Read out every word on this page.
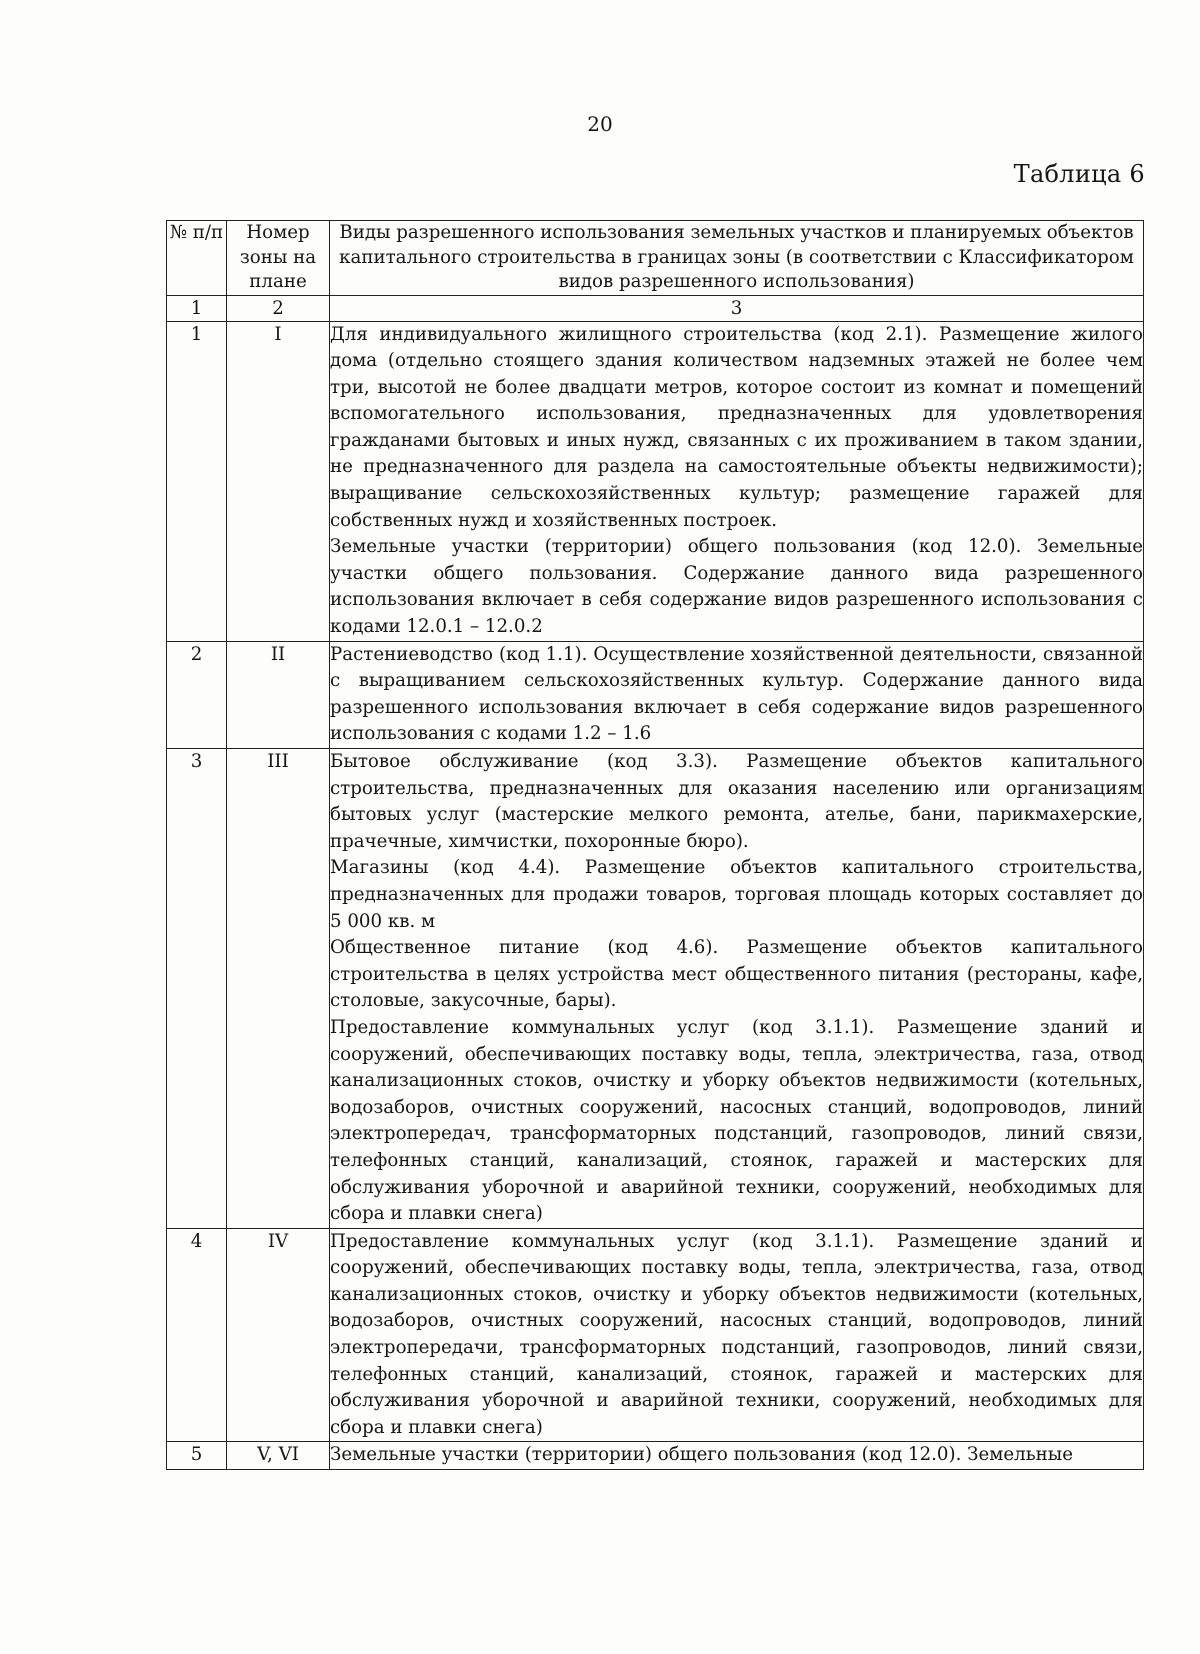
20
Таблица 6
№ п/п	Номер зоны на плане	Виды разрешенного использования земельных участков и планируемых объектов капитального строительства в границах зоны (в соответствии с Классификатором видов разрешенного использования)
1	2	3
1	I	Для индивидуального жилищного строительства (код 2.1). Размещение жилого дома (отдельно стоящего здания количеством надземных этажей не более чем три, высотой не более двадцати метров, которое состоит из комнат и помещений вспомогательного использования, предназначенных для удовлетворения гражданами бытовых и иных нужд, связанных с их проживанием в таком здании, не предназначенного для раздела на самостоятельные объекты недвижимости); выращивание сельскохозяйственных культур; размещение гаражей для собственных нужд и хозяйственных построек.
Земельные участки (территории) общего пользования (код 12.0). Земельные участки общего пользования. Содержание данного вида разрешенного использования включает в себя содержание видов разрешенного использования с кодами 12.0.1 – 12.0.2

2	II	Растениеводство (код 1.1). Осуществление хозяйственной деятельности, связанной с выращиванием сельскохозяйственных культур. Содержание данного вида разрешенного использования включает в себя содержание видов разрешенного использования с кодами 1.2 – 1.6

3	III	Бытовое обслуживание (код 3.3). Размещение объектов капитального строительства, предназначенных для оказания населению или организациям бытовых услуг (мастерские мелкого ремонта, ателье, бани, парикмахерские, прачечные, химчистки, похоронные бюро).
Магазины (код 4.4). Размещение объектов капитального строительства, предназначенных для продажи товаров, торговая площадь которых составляет до 5 000 кв. м
Общественное питание (код 4.6). Размещение объектов капитального строительства в целях устройства мест общественного питания (рестораны, кафе, столовые, закусочные, бары).
Предоставление коммунальных услуг (код 3.1.1). Размещение зданий и сооружений, обеспечивающих поставку воды, тепла, электричества, газа, отвод канализационных стоков, очистку и уборку объектов недвижимости (котельных, водозаборов, очистных сооружений, насосных станций, водопроводов, линий электропередач, трансформаторных подстанций, газопроводов, линий связи, телефонных станций, канализаций, стоянок, гаражей и мастерских для обслуживания уборочной и аварийной техники, сооружений, необходимых для сбора и плавки снега)

4	IV	Предоставление коммунальных услуг (код 3.1.1). Размещение зданий и сооружений, обеспечивающих поставку воды, тепла, электричества, газа, отвод канализационных стоков, очистку и уборку объектов недвижимости (котельных, водозаборов, очистных сооружений, насосных станций, водопроводов, линий электропередачи, трансформаторных подстанций, газопроводов, линий связи, телефонных станций, канализаций, стоянок, гаражей и мастерских для обслуживания уборочной и аварийной техники, сооружений, необходимых для сбора и плавки снега)

5	V, VI	Земельные участки (территории) общего пользования (код 12.0). Земельные
